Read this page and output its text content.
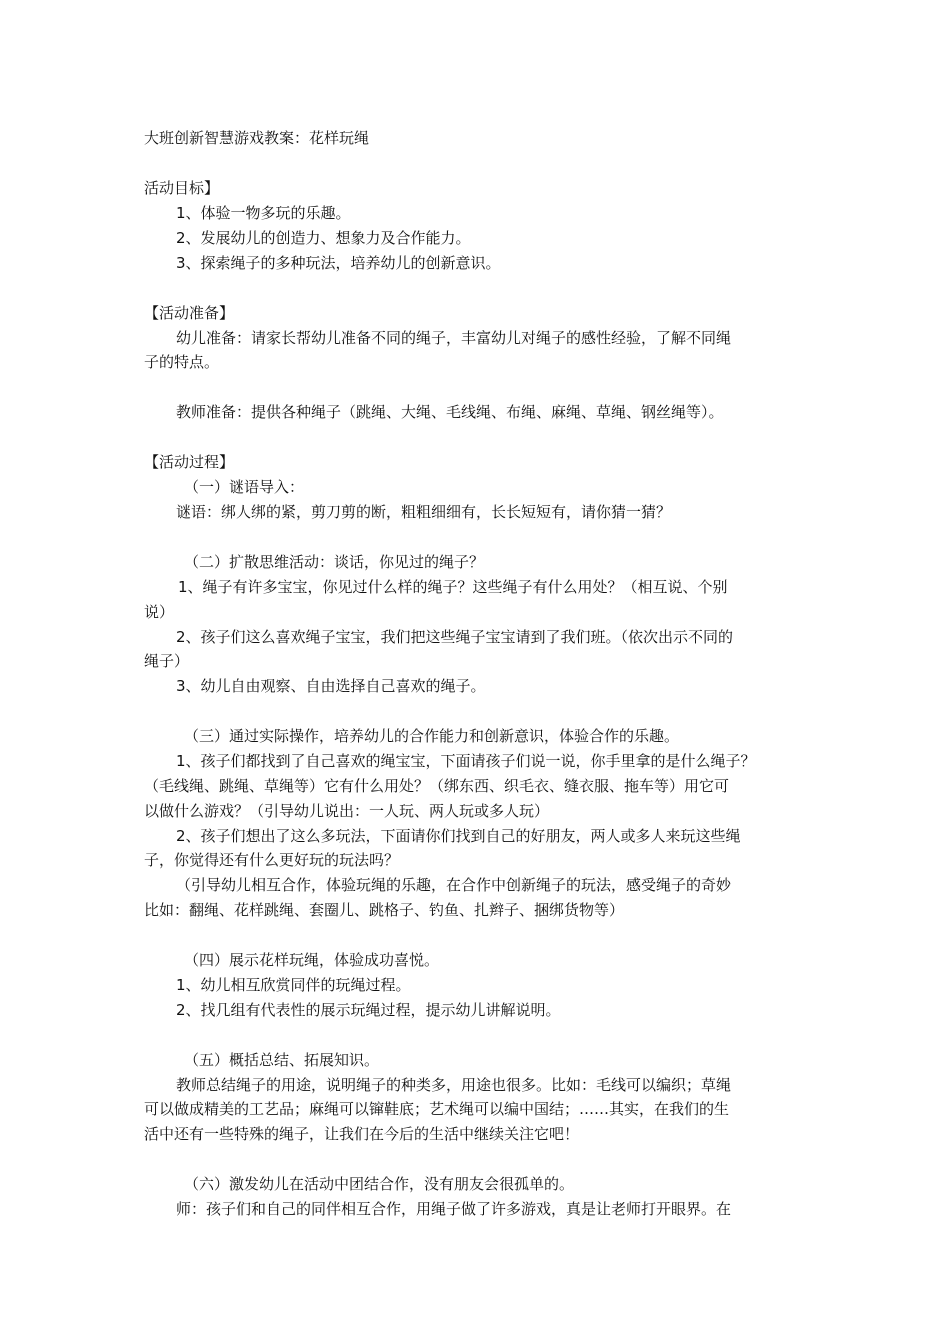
大班创新智慧游戏教案：花样玩绳
活动目标】
1、体验一物多玩的乐趣。
2、发展幼儿的创造力、想象力及合作能力。
3、探索绳子的多种玩法，培养幼儿的创新意识。
【活动准备】
幼儿准备：请家长帮幼儿准备不同的绳子，丰富幼儿对绳子的感性经验，了解不同绳
子的特点。
教师准备：提供各种绳子（跳绳、大绳、毛线绳、布绳、麻绳、草绳、钢丝绳等）。
【活动过程】
（一）谜语导入：
谜语：绑人绑的紧，剪刀剪的断，粗粗细细有，长长短短有，请你猜一猜？
（二）扩散思维活动：谈话，你见过的绳子？
1、绳子有许多宝宝，你见过什么样的绳子？这些绳子有什么用处？（相互说、个别
说）
2、孩子们这么喜欢绳子宝宝，我们把这些绳子宝宝请到了我们班。（依次出示不同的
绳子）
3、幼儿自由观察、自由选择自己喜欢的绳子。
（三）通过实际操作，培养幼儿的合作能力和创新意识，体验合作的乐趣。
1、孩子们都找到了自己喜欢的绳宝宝，下面请孩子们说一说，你手里拿的是什么绳子？
（毛线绳、跳绳、草绳等）它有什么用处？（绑东西、织毛衣、缝衣服、拖车等）用它可
以做什么游戏？（引导幼儿说出：一人玩、两人玩或多人玩）
2、孩子们想出了这么多玩法，下面请你们找到自己的好朋友，两人或多人来玩这些绳
子，你觉得还有什么更好玩的玩法吗？
（引导幼儿相互合作，体验玩绳的乐趣，在合作中创新绳子的玩法，感受绳子的奇妙
比如：翻绳、花样跳绳、套圈儿、跳格子、钓鱼、扎辫子、捆绑货物等）
（四）展示花样玩绳，体验成功喜悦。
1、幼儿相互欣赏同伴的玩绳过程。
2、找几组有代表性的展示玩绳过程，提示幼儿讲解说明。
（五）概括总结、拓展知识。
教师总结绳子的用途，说明绳子的种类多，用途也很多。比如：毛线可以编织；草绳
可以做成精美的工艺品；麻绳可以镩鞋底；艺术绳可以编中国结；……其实，在我们的生
活中还有一些特殊的绳子，让我们在今后的生活中继续关注它吧！
（六）激发幼儿在活动中团结合作，没有朋友会很孤单的。
师：孩子们和自己的同伴相互合作，用绳子做了许多游戏，真是让老师打开眼界。在
